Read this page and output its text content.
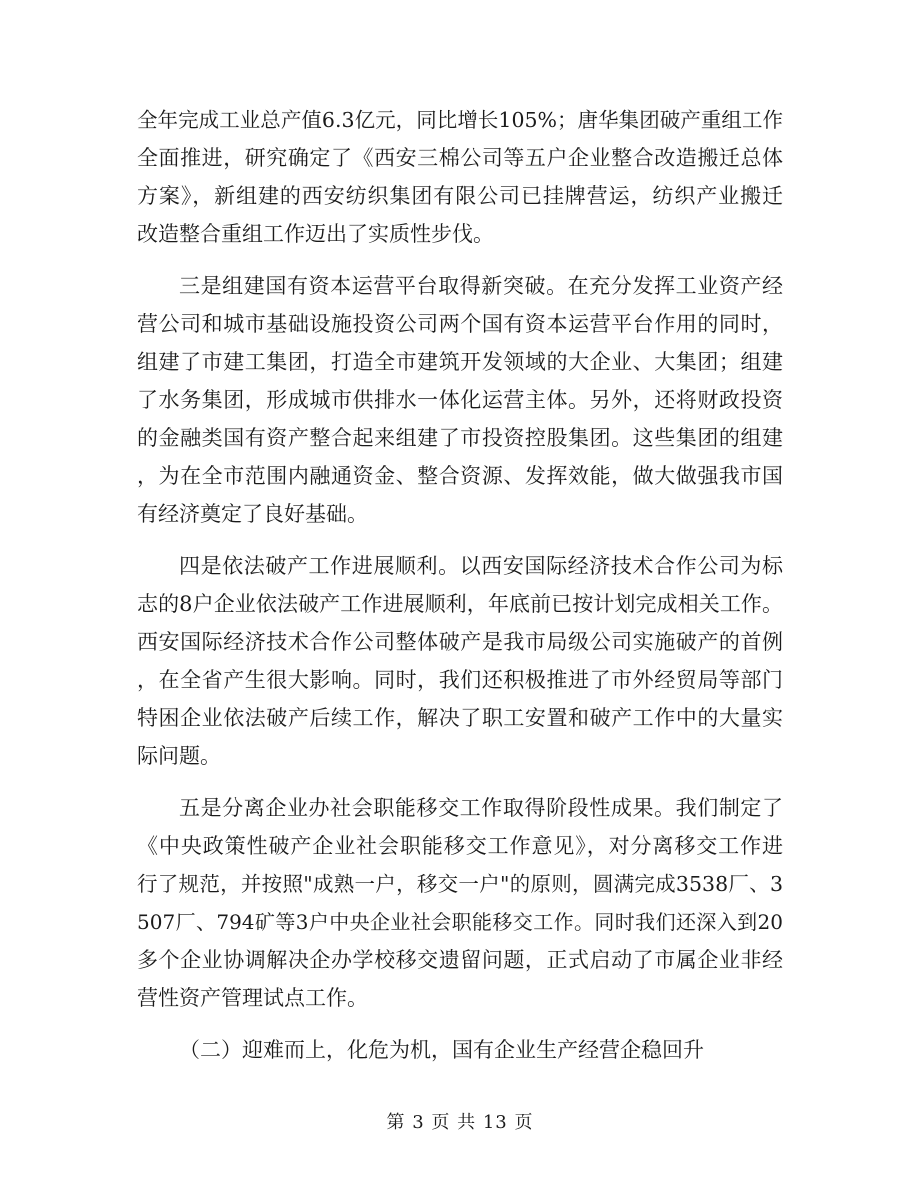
全年完成工业总产值6.3亿元，同比增长105%；唐华集团破产重组工作
全面推进，研究确定了《西安三棉公司等五户企业整合改造搬迁总体
方案》，新组建的西安纺织集团有限公司已挂牌营运，纺织产业搬迁
改造整合重组工作迈出了实质性步伐。
三是组建国有资本运营平台取得新突破。在充分发挥工业资产经
营公司和城市基础设施投资公司两个国有资本运营平台作用的同时，
组建了市建工集团，打造全市建筑开发领域的大企业、大集团；组建
了水务集团，形成城市供排水一体化运营主体。另外，还将财政投资
的金融类国有资产整合起来组建了市投资控股集团。这些集团的组建
，为在全市范围内融通资金、整合资源、发挥效能，做大做强我市国
有经济奠定了良好基础。
四是依法破产工作进展顺利。以西安国际经济技术合作公司为标
志的8户企业依法破产工作进展顺利，年底前已按计划完成相关工作。
西安国际经济技术合作公司整体破产是我市局级公司实施破产的首例
，在全省产生很大影响。同时，我们还积极推进了市外经贸局等部门
特困企业依法破产后续工作，解决了职工安置和破产工作中的大量实
际问题。
五是分离企业办社会职能移交工作取得阶段性成果。我们制定了
《中央政策性破产企业社会职能移交工作意见》，对分离移交工作进
行了规范，并按照"成熟一户，移交一户"的原则，圆满完成3538厂、3
507厂、794矿等3户中央企业社会职能移交工作。同时我们还深入到20
多个企业协调解决企办学校移交遗留问题，正式启动了市属企业非经
营性资产管理试点工作。
（二）迎难而上，化危为机，国有企业生产经营企稳回升
第 3 页 共 13 页
